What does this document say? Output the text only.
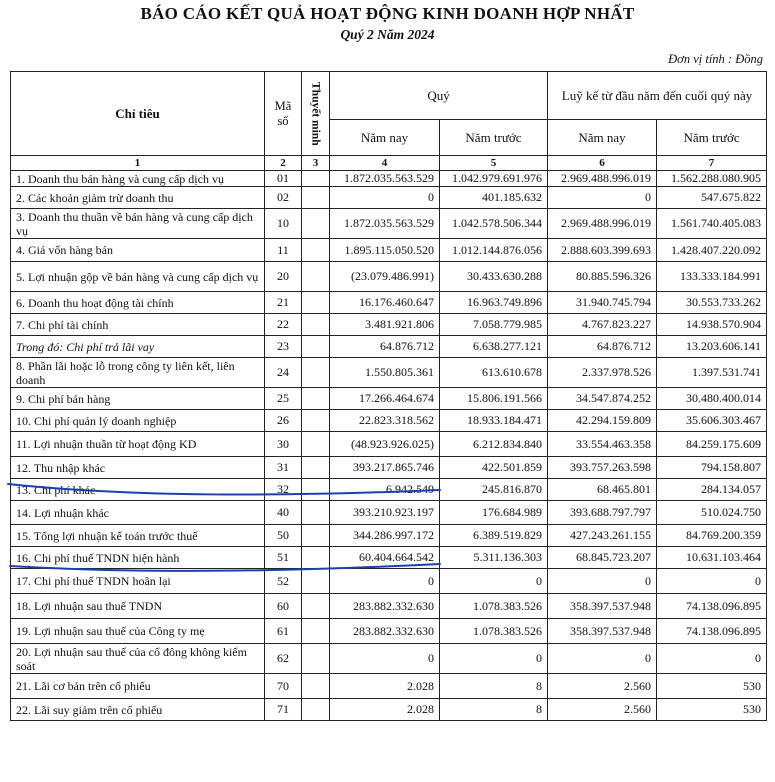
BÁO CÁO KẾT QUẢ HOẠT ĐỘNG KINH DOANH HỢP NHẤT
Quý 2 Năm 2024
Đơn vị tính : Đồng
Chỉ tiêu	Mã số	Thuyết minh	Quý		Luỹ kế từ đầu năm đến cuối quý này	
			Năm nay	Năm trước	Năm nay	Năm trước
1	2	3	4	5	6	7
1. Doanh thu bán hàng và cung cấp dịch vụ	01		1.872.035.563.529	1.042.979.691.976	2.969.488.996.019	1.562.288.080.905
2. Các khoản giảm trừ doanh thu	02		0	401.185.632	0	547.675.822
3. Doanh thu thuần về bán hàng và cung cấp dịch vụ	10		1.872.035.563.529	1.042.578.506.344	2.969.488.996.019	1.561.740.405.083
4. Giá vốn hàng bán	11		1.895.115.050.520	1.012.144.876.056	2.888.603.399.693	1.428.407.220.092
5. Lợi nhuận gộp về bán hàng và cung cấp dịch vụ	20		(23.079.486.991)	30.433.630.288	80.885.596.326	133.333.184.991
6. Doanh thu hoạt động tài chính	21		16.176.460.647	16.963.749.896	31.940.745.794	30.553.733.262
7. Chi phí tài chính	22		3.481.921.806	7.058.779.985	4.767.823.227	14.938.570.904
Trong đó: Chi phí trả lãi vay	23		64.876.712	6.638.277.121	64.876.712	13.203.606.141
8. Phần lãi hoặc lỗ trong công ty liên kết, liên doanh	24		1.550.805.361	613.610.678	2.337.978.526	1.397.531.741
9. Chi phí bán hàng	25		17.266.464.674	15.806.191.566	34.547.874.252	30.480.400.014
10. Chi phí quản lý doanh nghiệp	26		22.823.318.562	18.933.184.471	42.294.159.809	35.606.303.467
11. Lợi nhuận thuần từ hoạt động KD	30		(48.923.926.025)	6.212.834.840	33.554.463.358	84.259.175.609
12. Thu nhập khác	31		393.217.865.746	422.501.859	393.757.263.598	794.158.807
13. Chi phí khác	32		6.942.549	245.816.870	68.465.801	284.134.057
14. Lợi nhuận khác	40		393.210.923.197	176.684.989	393.688.797.797	510.024.750
15. Tổng lợi nhuận kế toán trước thuế	50		344.286.997.172	6.389.519.829	427.243.261.155	84.769.200.359
16. Chi phí thuế TNDN hiện hành	51		60.404.664.542	5.311.136.303	68.845.723.207	10.631.103.464
17. Chi phí thuế TNDN hoãn lại	52		0	0	0	0
18. Lợi nhuận sau thuế TNDN	60		283.882.332.630	1.078.383.526	358.397.537.948	74.138.096.895
19. Lợi nhuận sau thuế của Công ty mẹ	61		283.882.332.630	1.078.383.526	358.397.537.948	74.138.096.895
20. Lợi nhuận sau thuế của cổ đông không kiểm soát	62		0	0	0	0
21. Lãi cơ bản trên cổ phiếu	70		2.028	8	2.560	530
22. Lãi suy giảm trên cổ phiếu	71		2.028	8	2.560	530
